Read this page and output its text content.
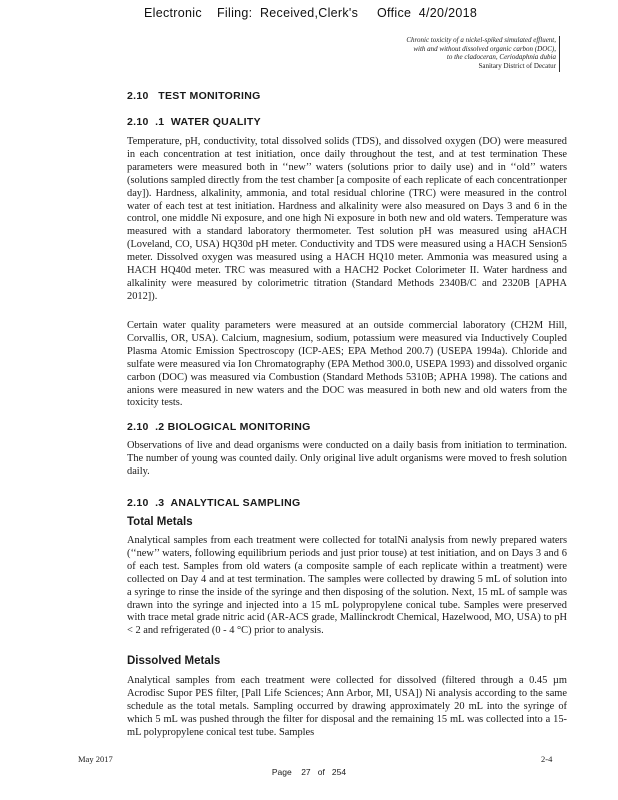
Electronic    Filing:  Received,Clerk's     Office  4/20/2018
Chronic toxicity of a nickel-spiked simulated effluent,
with and without dissolved organic carbon (DOC),
to the cladoceran, Ceriodaphnia dubia
Sanitary District of Decatur
2.10   TEST MONITORING
2.10  .1  WATER QUALITY

Temperature, pH, conductivity, total dissolved solids (TDS), and dissolved oxygen (DO) were measured in each concentration at test initiation, once daily throughout the test, and at test termination These parameters were measured both in ‘‘new’’ waters (solutions prior to daily use) and in ‘‘old’’ waters (solutions sampled directly from the test chamber [a composite of each replicate of each concentrationper day]). Hardness, alkalinity, ammonia, and total residual chlorine (TRC) were measured in the control water of each test at test initiation. Hardness and alkalinity were also measured on Days 3 and 6 in the control, one middle Ni exposure, and one high Ni exposure in both new and old waters. Temperature was measured with a standard laboratory thermometer. Test solution pH was measured using aHACH (Loveland, CO, USA) HQ30d pH meter. Conductivity and TDS were measured using a HACH Sension5 meter. Dissolved oxygen was measured using a HACH HQ10 meter. Ammonia was measured using a HACH HQ40d meter. TRC was measured with a HACH2 Pocket Colorimeter II. Water hardness and alkalinity were measured by colorimetric titration (Standard Methods 2340B/C and 2320B [APHA 2012]).

Certain water quality parameters were measured at an outside commercial laboratory (CH2M Hill, Corvallis, OR, USA). Calcium, magnesium, sodium, potassium were measured via Inductively Coupled Plasma Atomic Emission Spectroscopy (ICP-AES; EPA Method 200.7) (USEPA 1994a). Chloride and sulfate were measured via Ion Chromatography (EPA Method 300.0, USEPA 1993) and dissolved organic carbon (DOC) was measured via Combustion (Standard Methods 5310B; APHA 1998). The cations and anions were measured in new waters and the DOC was measured in both new and old waters from the toxicity tests.

2.10  .2 BIOLOGICAL MONITORING

Observations of live and dead organisms were conducted on a daily basis from initiation to termination. The number of young was counted daily. Only original live adult organisms were moved to fresh solution daily.

2.10  .3  ANALYTICAL SAMPLING
Total Metals

Analytical samples from each treatment were collected for totalNi analysis from newly prepared waters (‘‘new’’ waters, following equilibrium periods and just prior touse) at test initiation, and on Days 3 and 6 of each test. Samples from old waters (a composite sample of each replicate within a treatment) were collected on Day 4 and at test termination. The samples were collected by drawing 5 mL of solution into a syringe to rinse the inside of the syringe and then disposing of the solution. Next, 15 mL of sample was drawn into the syringe and injected into a 15 mL polypropylene conical tube. Samples were preserved with trace metal grade nitric acid (AR-ACS grade, Mallinckrodt Chemical, Hazelwood, MO, USA) to pH < 2 and refrigerated (0 - 4 °C) prior to analysis.

Dissolved Metals

Analytical samples from each treatment were collected for dissolved (filtered through a 0.45 µm Acrodisc Supor PES filter, [Pall Life Sciences; Ann Arbor, MI, USA]) Ni analysis according to the same schedule as the total metals. Sampling occurred by drawing approximately 20 mL into the syringe of which 5 mL was pushed through the filter for disposal and the remaining 15 mL was collected into a 15-mL polypropylene conical test tube. Samples

May 2017	2-4
Page    27   of   254
